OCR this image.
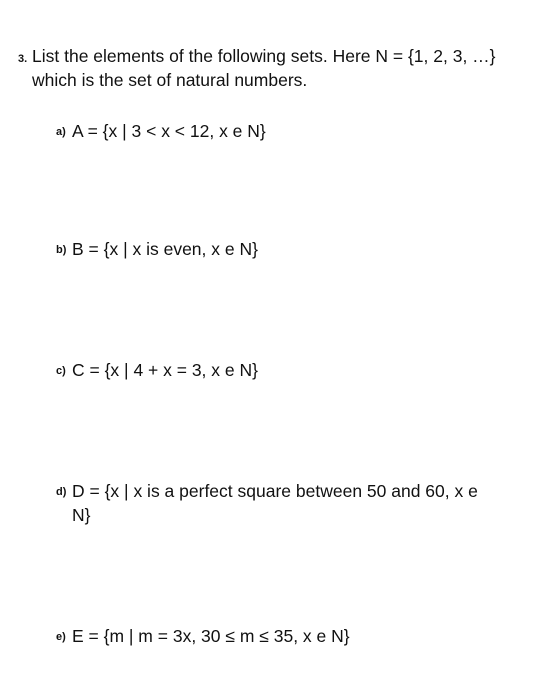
3. List the elements of the following sets. Here N = {1, 2, 3, …} which is the set of natural numbers.
a) A = {x | 3 < x < 12, x e N}
b) B = {x | x is even, x e N}
c) C = {x | 4 + x = 3, x e N}
d) D = {x | x is a perfect square between 50 and 60, x e N}
e) E = {m | m = 3x, 30 ≤ m ≤ 35, x e N}
